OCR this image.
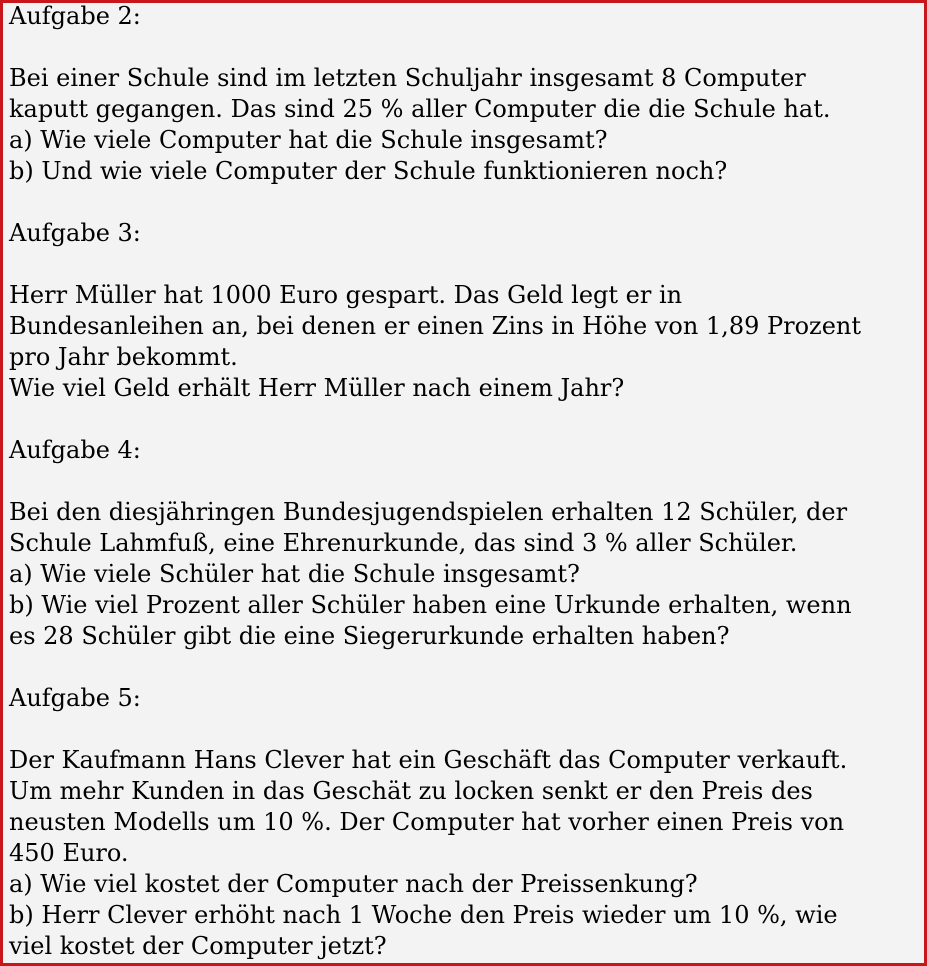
Aufgabe 2:

Bei einer Schule sind im letzten Schuljahr insgesamt 8 Computer

kaputt gegangen. Das sind 25 % aller Computer die die Schule hat.

a) Wie viele Computer hat die Schule insgesamt?

b) Und wie viele Computer der Schule funktionieren noch?

Aufgabe 3:

Herr Müller hat 1000 Euro gespart. Das Geld legt er in

Bundesanleihen an, bei denen er einen Zins in Höhe von 1,89 Prozent

pro Jahr bekommt.

Wie viel Geld erhält Herr Müller nach einem Jahr?

Aufgabe 4:

Bei den diesjähringen Bundesjugendspielen erhalten 12 Schüler, der

Schule Lahmfuß, eine Ehrenurkunde, das sind 3 % aller Schüler.

a) Wie viele Schüler hat die Schule insgesamt?

b) Wie viel Prozent aller Schüler haben eine Urkunde erhalten, wenn

es 28 Schüler gibt die eine Siegerurkunde erhalten haben?

Aufgabe 5:

Der Kaufmann Hans Clever hat ein Geschäft das Computer verkauft.

Um mehr Kunden in das Geschät zu locken senkt er den Preis des

neusten Modells um 10 %. Der Computer hat vorher einen Preis von

450 Euro.

a) Wie viel kostet der Computer nach der Preissenkung?

b) Herr Clever erhöht nach 1 Woche den Preis wieder um 10 %, wie

viel kostet der Computer jetzt?
